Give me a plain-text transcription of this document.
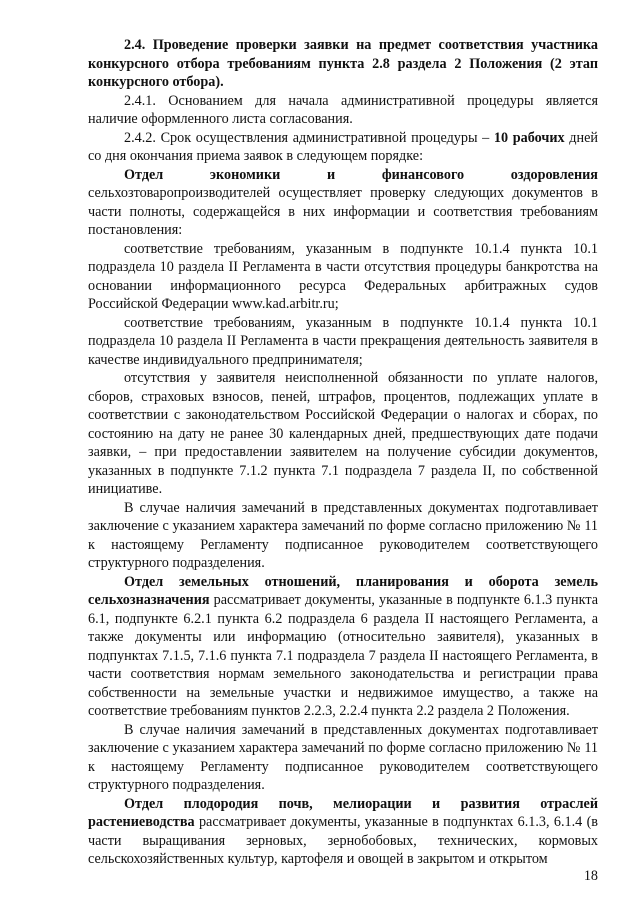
2.4. Проведение проверки заявки на предмет соответствия участника конкурсного отбора требованиям пункта 2.8 раздела 2 Положения (2 этап конкурсного отбора).

2.4.1. Основанием для начала административной процедуры является наличие оформленного листа согласования.

2.4.2. Срок осуществления административной процедуры – 10 рабочих дней со дня окончания приема заявок в следующем порядке:

Отдел экономики и финансового оздоровления сельхозтоваропроизводителей осуществляет проверку следующих документов в части полноты, содержащейся в них информации и соответствия требованиям постановления:

соответствие требованиям, указанным в подпункте 10.1.4 пункта 10.1 подраздела 10 раздела II Регламента в части отсутствия процедуры банкротства на основании информационного ресурса Федеральных арбитражных судов Российской Федерации www.kad.arbitr.ru;

соответствие требованиям, указанным в подпункте 10.1.4 пункта 10.1 подраздела 10 раздела II Регламента в части прекращения деятельность заявителя в качестве индивидуального предпринимателя;

отсутствия у заявителя неисполненной обязанности по уплате налогов, сборов, страховых взносов, пеней, штрафов, процентов, подлежащих уплате в соответствии с законодательством Российской Федерации о налогах и сборах, по состоянию на дату не ранее 30 календарных дней, предшествующих дате подачи заявки, – при предоставлении заявителем на получение субсидии документов, указанных в подпункте 7.1.2 пункта 7.1 подраздела 7 раздела II, по собственной инициативе.

В случае наличия замечаний в представленных документах подготавливает заключение с указанием характера замечаний по форме согласно приложению № 11 к настоящему Регламенту подписанное руководителем соответствующего структурного подразделения.

Отдел земельных отношений, планирования и оборота земель сельхозназначения рассматривает документы, указанные в подпункте 6.1.3 пункта 6.1, подпункте 6.2.1 пункта 6.2 подраздела 6 раздела II настоящего Регламента, а также документы или информацию (относительно заявителя), указанных в подпунктах 7.1.5, 7.1.6 пункта 7.1 подраздела 7 раздела II настоящего Регламента, в части соответствия нормам земельного законодательства и регистрации права собственности на земельные участки и недвижимое имущество, а также на соответствие требованиям пунктов 2.2.3, 2.2.4 пункта 2.2 раздела 2 Положения.

В случае наличия замечаний в представленных документах подготавливает заключение с указанием характера замечаний по форме согласно приложению № 11 к настоящему Регламенту подписанное руководителем соответствующего структурного подразделения.

Отдел плодородия почв, мелиорации и развития отраслей растениеводства рассматривает документы, указанные в подпунктах 6.1.3, 6.1.4 (в части выращивания зерновых, зернобобовых, технических, кормовых сельскохозяйственных культур, картофеля и овощей в закрытом и открытом

18
